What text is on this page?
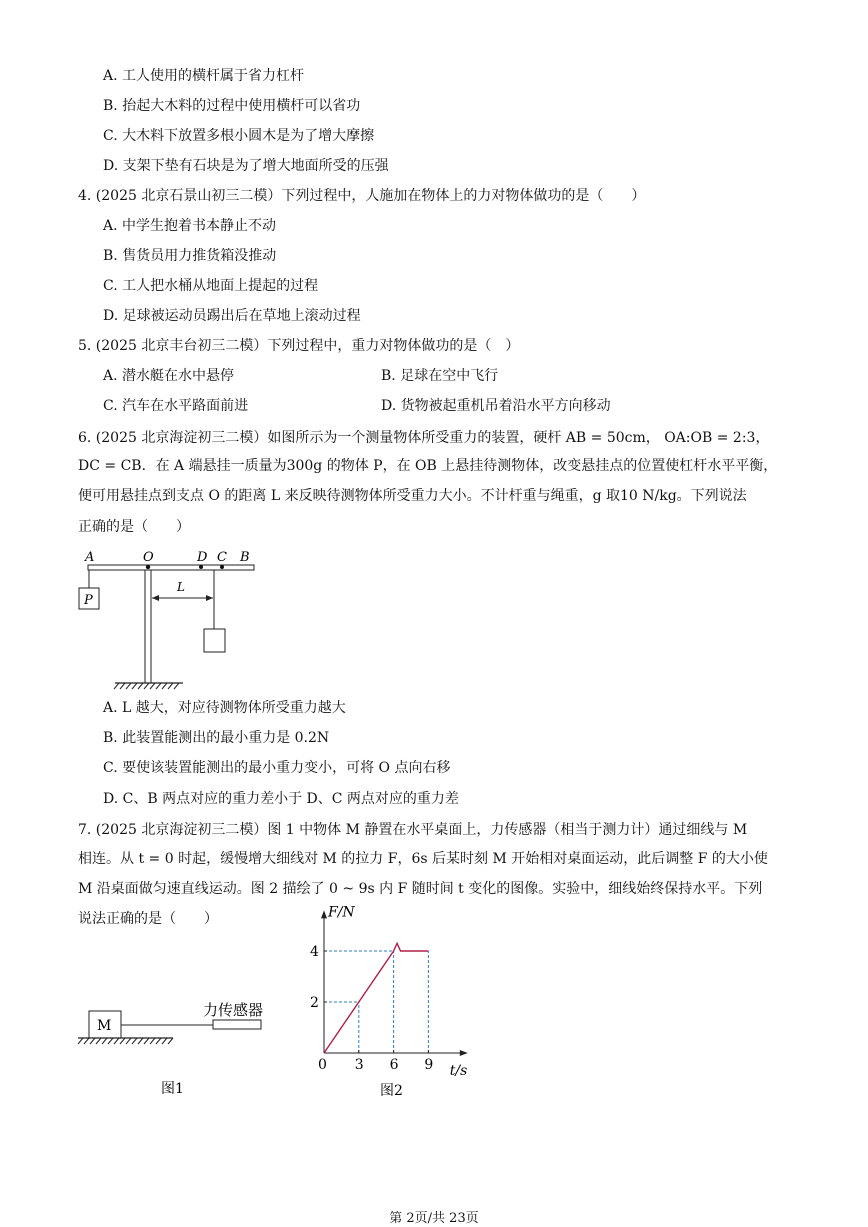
A. 工人使用的横杆属于省力杠杆
B. 抬起大木料的过程中使用横杆可以省功
C. 大木料下放置多根小圆木是为了增大摩擦
D. 支架下垫有石块是为了增大地面所受的压强
4. (2025 北京石景山初三二模）下列过程中，人施加在物体上的力对物体做功的是（　　）
A. 中学生抱着书本静止不动
B. 售货员用力推货箱没推动
C. 工人把水桶从地面上提起的过程
D. 足球被运动员踢出后在草地上滚动过程
5. (2025 北京丰台初三二模）下列过程中，重力对物体做功的是（　）
A. 潜水艇在水中悬停	B. 足球在空中飞行
C. 汽车在水平路面前进	D. 货物被起重机吊着沿水平方向移动
6. (2025 北京海淀初三二模）如图所示为一个测量物体所受重力的装置，硬杆 AB = 50cm， OA:OB = 2:3，
DC = CB．在 A 端悬挂一质量为300g 的物体 P，在 OB 上悬挂待测物体，改变悬挂点的位置使杠杆水平平衡，
便可用悬挂点到支点 O 的距离 L 来反映待测物体所受重力大小。不计杆重与绳重，g 取10 N/kg。下列说法
正确的是（　　）
P
L
A	O	D C B
A. L 越大，对应待测物体所受重力越大
B. 此装置能测出的最小重力是 0.2N
C. 要使该装置能测出的最小重力变小，可将 O 点向右移
D. C、B 两点对应的重力差小于 D、C 两点对应的重力差
7. (2025 北京海淀初三二模）图 1 中物体 M 静置在水平桌面上，力传感器（相当于测力计）通过细线与 M
相连。从 t = 0 时起，缓慢增大细线对 M 的拉力 F，6s 后某时刻 M 开始相对桌面运动，此后调整 F 的大小使
M 沿桌面做匀速直线运动。图 2 描绘了 0 ~ 9s 内 F 随时间 t 变化的图像。实验中，细线始终保持水平。下列
说法正确的是（　　）
M
力传感器
图1
3 6 9
2
4
F/N
t/s
0
图2
第 2页/共 23页
